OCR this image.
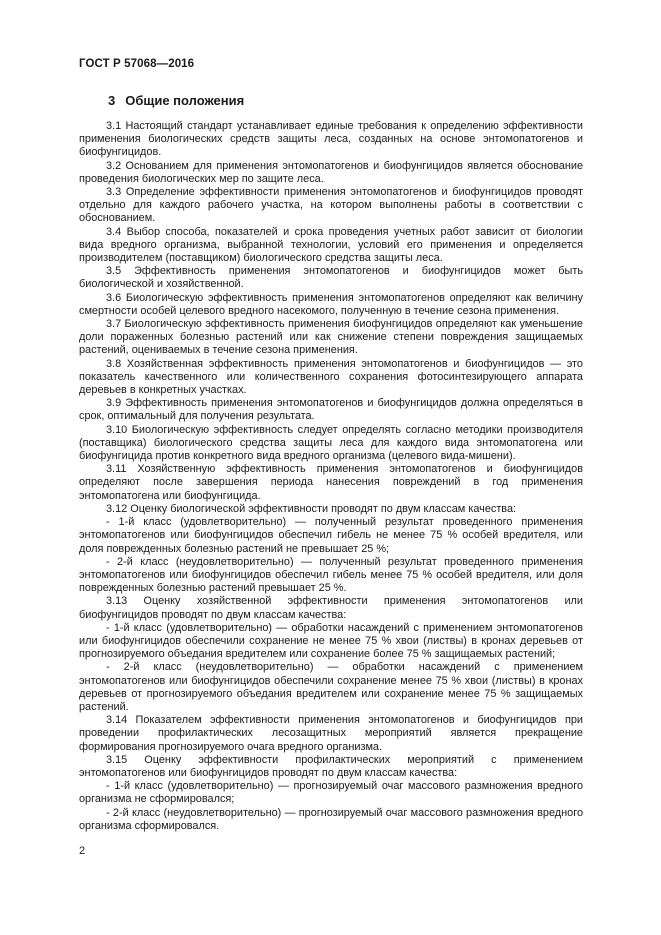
ГОСТ Р 57068—2016
3 Общие положения

3.1 Настоящий стандарт устанавливает единые требования к определению эффективности применения биологических средств защиты леса, созданных на основе энтомопатогенов и биофунгицидов.

3.2 Основанием для применения энтомопатогенов и биофунгицидов является обоснование проведения биологических мер по защите леса.

3.3 Определение эффективности применения энтомопатогенов и биофунгицидов проводят отдельно для каждого рабочего участка, на котором выполнены работы в соответствии с обоснованием.

3.4 Выбор способа, показателей и срока проведения учетных работ зависит от биологии вида вредного организма, выбранной технологии, условий его применения и определяется производителем (поставщиком) биологического средства защиты леса.

3.5 Эффективность применения энтомопатогенов и биофунгицидов может быть биологической и хозяйственной.

3.6 Биологическую эффективность применения энтомопатогенов определяют как величину смертности особей целевого вредного насекомого, полученную в течение сезона применения.

3.7 Биологическую эффективность применения биофунгицидов определяют как уменьшение доли пораженных болезнью растений или как снижение степени повреждения защищаемых растений, оцениваемых в течение сезона применения.

3.8 Хозяйственная эффективность применения энтомопатогенов и биофунгицидов — это показатель качественного или количественного сохранения фотосинтезирующего аппарата деревьев в конкретных участках.

3.9 Эффективность применения энтомопатогенов и биофунгицидов должна определяться в срок, оптимальный для получения результата.

3.10 Биологическую эффективность следует определять согласно методики производителя (поставщика) биологического средства защиты леса для каждого вида энтомопатогена или биофунгицида против конкретного вида вредного организма (целевого вида-мишени).

3.11 Хозяйственную эффективность применения энтомопатогенов и биофунгицидов определяют после завершения периода нанесения повреждений в год применения энтомопатогена или биофунгицида.

3.12 Оценку биологической эффективности проводят по двум классам качества:

- 1-й класс (удовлетворительно) — полученный результат проведенного применения энтомопатогенов или биофунгицидов обеспечил гибель не менее 75 % особей вредителя, или доля поврежденных болезнью растений не превышает 25 %;

- 2-й класс (неудовлетворительно) — полученный результат проведенного применения энтомопатогенов или биофунгицидов обеспечил гибель менее 75 % особей вредителя, или доля поврежденных болезнью растений превышает 25 %.

3.13 Оценку хозяйственной эффективности применения энтомопатогенов или биофунгицидов проводят по двум классам качества:

- 1-й класс (удовлетворительно) — обработки насаждений с применением энтомопатогенов или биофунгицидов обеспечили сохранение не менее 75 % хвои (листвы) в кронах деревьев от прогнозируемого объедания вредителем или сохранение более 75 % защищаемых растений;

- 2-й класс (неудовлетворительно) — обработки насаждений с применением энтомопатогенов или биофунгицидов обеспечили сохранение менее 75 % хвои (листвы) в кронах деревьев от прогнозируемого объедания вредителем или сохранение менее 75 % защищаемых растений.

3.14 Показателем эффективности применения энтомопатогенов и биофунгицидов при проведении профилактических лесозащитных мероприятий является прекращение формирования прогнозируемого очага вредного организма.

3.15 Оценку эффективности профилактических мероприятий с применением энтомопатогенов или биофунгицидов проводят по двум классам качества:

- 1-й класс (удовлетворительно) — прогнозируемый очаг массового размножения вредного организма не сформировался;

- 2-й класс (неудовлетворительно) — прогнозируемый очаг массового размножения вредного организма сформировался.

2
